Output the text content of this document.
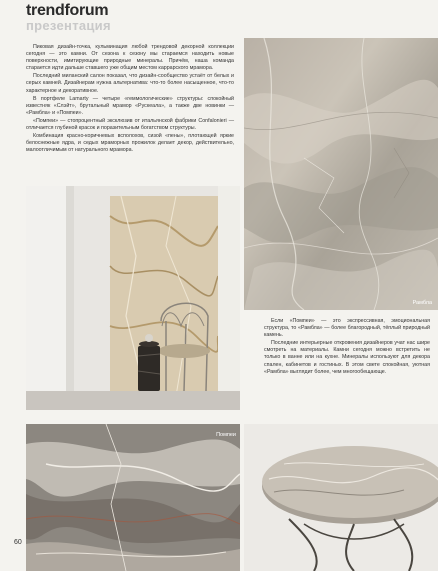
trendforum
презентация

Пиковая дизайн-точка, кульминация любой трендовой декорной коллекции сегодня — это камни. От сезона к сезону мы стараемся находить новые поверхности, имитирующие природные минералы. Причём, наша команда старается идти дальше ставшего уже общим местом каррарского мрамора.

Последний миланский салон показал, что дизайн-сообщество устаёт от белых и серых камней. Дизайнерам нужна альтернатива: что-то более насыщенное, что-то характерное и декоративное.

В портфеле Lamarty — четыре «геммологические» структуры: спокойный известняк «Слэйт», брутальный мрамор «Рускеала», а также две новинки — «Рамбла» и «Помпеи».

«Помпеи» — стопроцентный эксклюзив от итальянской фабрики Confalonieri — отличается глубиной красок и поразительным богатством структуры.

Комбинация красно-коричневых всполохов, сизой «пены», плотающей яркие белоснежные ядра, и седых мраморных прожилок делает декор, действительно, малоотличимым от натурального мрамора.

Рамбла

Если «Помпеи» — это экспрессивная, эмоциональная структура, то «Рамбла» — более благородный, тёплый природный камень.

Последние интерьерные откровения дизайнеров учат нас шире смотреть на материалы. Камни сегодня можно встретить не только в ванне или на кухне. Минералы используют для декора спален, кабинетов и гостиных. В этом свете спокойная, уютная «Рамбла» выглядит более, чем многообещающе.

Помпеи
60
